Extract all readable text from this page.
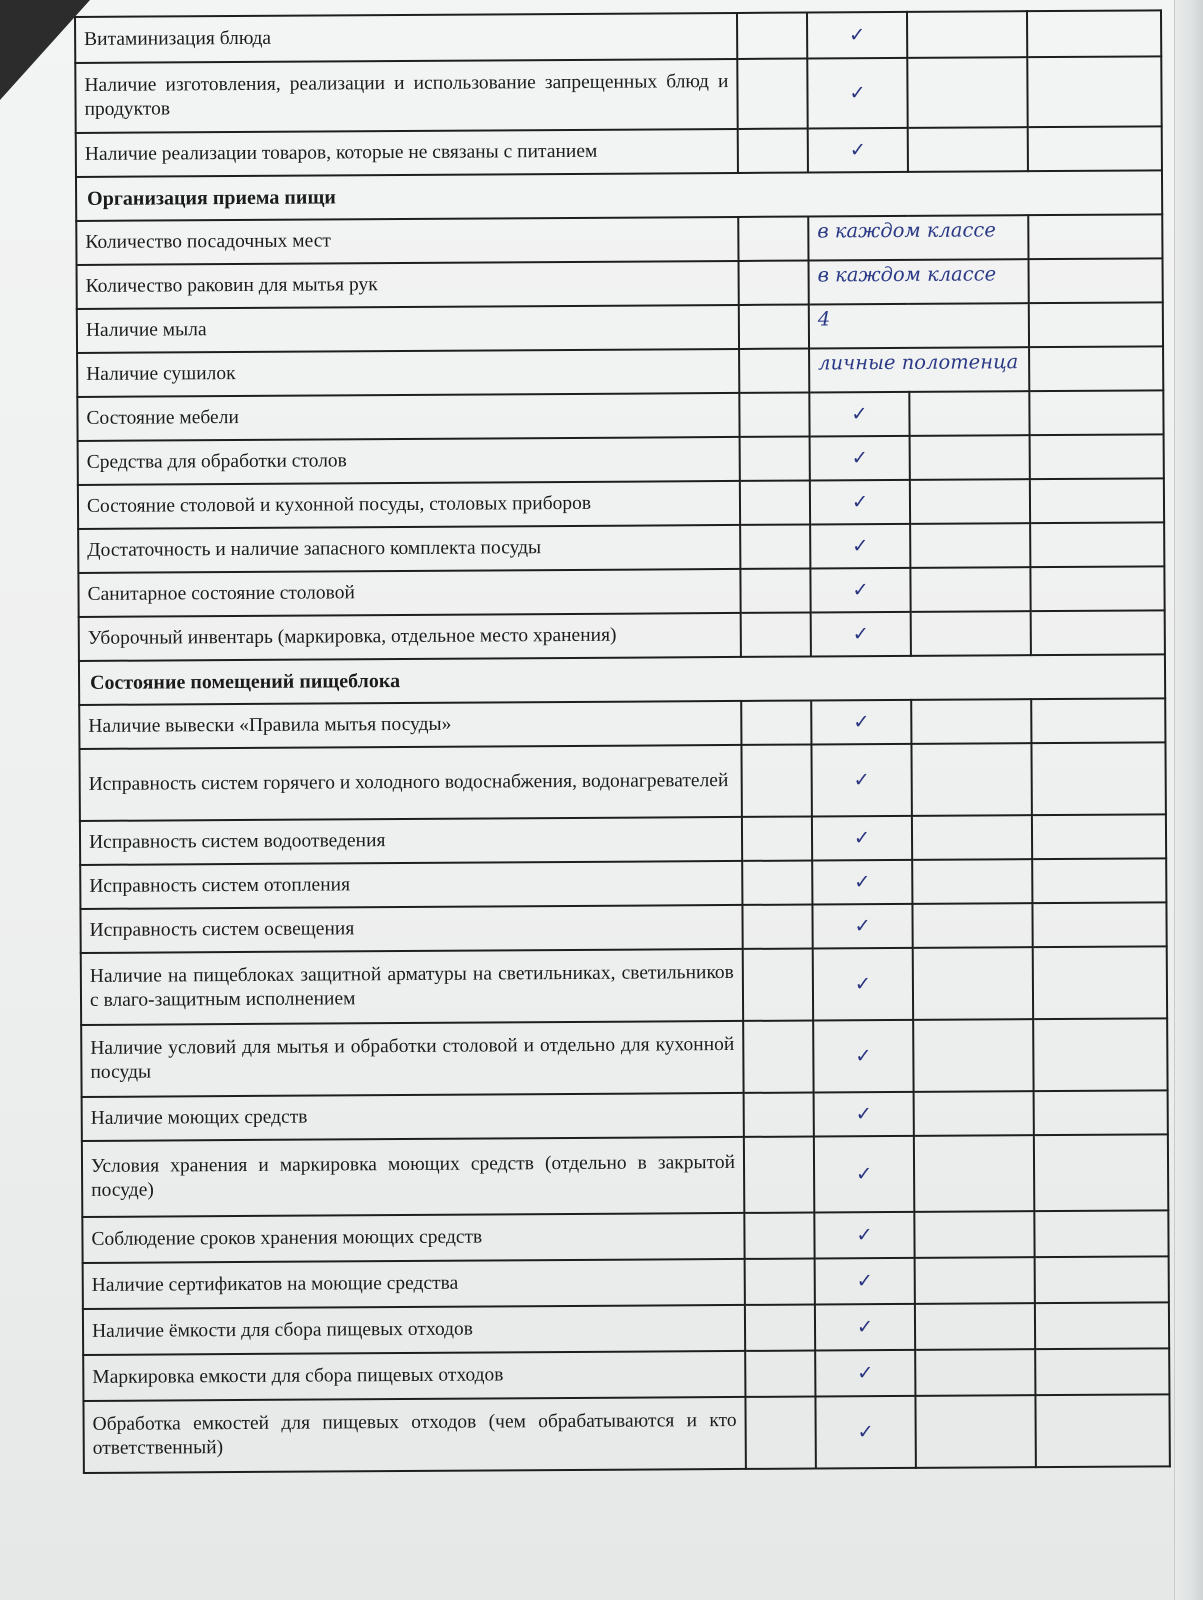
Витаминизация блюда		✓		
Наличие изготовления, реализации и использование запрещенных блюд и продуктов		✓		
Наличие реализации товаров, которые не связаны с питанием		✓		
Организация приема пищи				
Количество посадочных мест		в каждом классе		

Количество раковин для мытья рук		в каждом классе		

Наличие мыла		4		

Наличие сушилок		личные полотенца		

Состояние мебели		✓		
Средства для обработки столов		✓		
Состояние столовой и кухонной посуды, столовых приборов		✓		
Достаточность и наличие запасного комплекта посуды		✓		
Санитарное состояние столовой		✓		
Уборочный инвентарь (маркировка, отдельное место хранения)		✓		
Состояние помещений пищеблока				
Наличие вывески «Правила мытья посуды»		✓		
Исправность систем горячего и холодного водоснабжения, водонагревателей		✓		
Исправность систем водоотведения		✓		
Исправность систем отопления		✓		
Исправность систем освещения		✓		
Наличие на пищеблоках защитной арматуры на светильниках, светильников с влаго-защитным исполнением		✓		
Наличие условий для мытья и обработки столовой и отдельно для кухонной посуды		✓		
Наличие моющих средств		✓		
Условия хранения и маркировка моющих средств (отдельно в закрытой посуде)		✓		
Соблюдение сроков хранения моющих средств		✓		
Наличие сертификатов на моющие средства		✓		
Наличие ёмкости для сбора пищевых отходов		✓		
Маркировка емкости для сбора пищевых отходов		✓		
Обработка емкостей для пищевых отходов (чем обрабатываются и кто ответственный)		✓		
